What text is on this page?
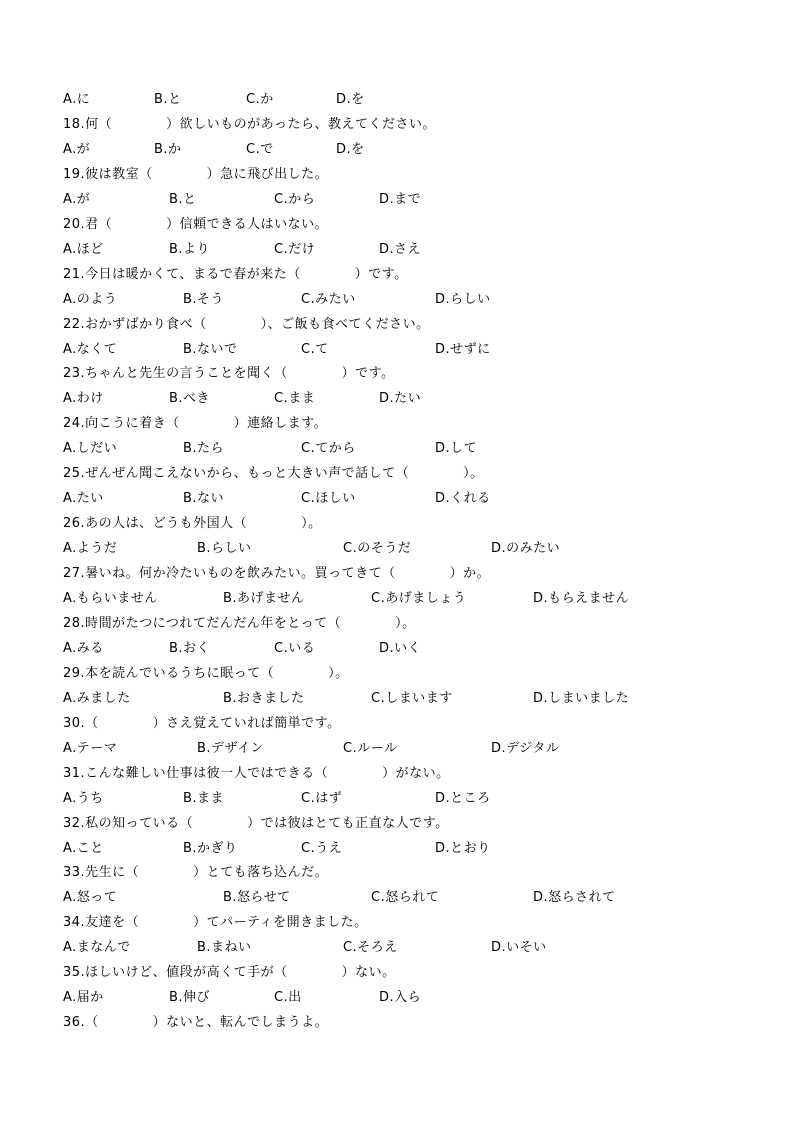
A.に	B.と	C.か	D.を
18.何（　　　　）欲しいものがあったら、教えてください。
A.が	B.か	C.で	D.を
19.彼は教室（　　　　）急に飛び出した。
A.が	B.と	C.から	D.まで
20.君（　　　　）信頼できる人はいない。
A.ほど	B.より	C.だけ	D.さえ
21.今日は暖かくて、まるで春が来た（　　　　）です。
A.のよう	B.そう	C.みたい	D.らしい
22.おかずばかり食べ（　　　　）、ご飯も食べてください。
A.なくて	B.ないで	C.て	D.せずに
23.ちゃんと先生の言うことを聞く（　　　　）です。
A.わけ	B.べき	C.まま	D.たい
24.向こうに着き（　　　　）連絡します。
A.しだい	B.たら	C.てから	D.して
25.ぜんぜん聞こえないから、もっと大きい声で話して（　　　　）。
A.たい	B.ない	C.ほしい	D.くれる
26.あの人は、どうも外国人（　　　　）。
A.ようだ	B.らしい	C.のそうだ	D.のみたい
27.暑いね。何か冷たいものを飲みたい。買ってきて（　　　　）か。
A.もらいません	B.あげません	C.あげましょう	D.もらえません
28.時間がたつにつれてだんだん年をとって（　　　　）。
A.みる	B.おく	C.いる	D.いく
29.本を読んでいるうちに眠って（　　　　）。
A.みました	B.おきました	C.しまいます	D.しまいました
30.（　　　　）さえ覚えていれば簡単です。
A.テーマ	B.デザイン	C.ルール	D.デジタル
31.こんな難しい仕事は彼一人ではできる（　　　　）がない。
A.うち	B.まま	C.はず	D.ところ
32.私の知っている（　　　　）では彼はとても正直な人です。
A.こと	B.かぎり	C.うえ	D.とおり
33.先生に（　　　　）とても落ち込んだ。
A.怒って	B.怒らせて	C.怒られて	D.怒らされて
34.友達を（　　　　）てパーティを開きました。
A.まなんで	B.まねい	C.そろえ	D.いそい
35.ほしいけど、値段が高くて手が（　　　　）ない。
A.届か	B.伸び	C.出	D.入ら
36.（　　　　）ないと、転んでしまうよ。
